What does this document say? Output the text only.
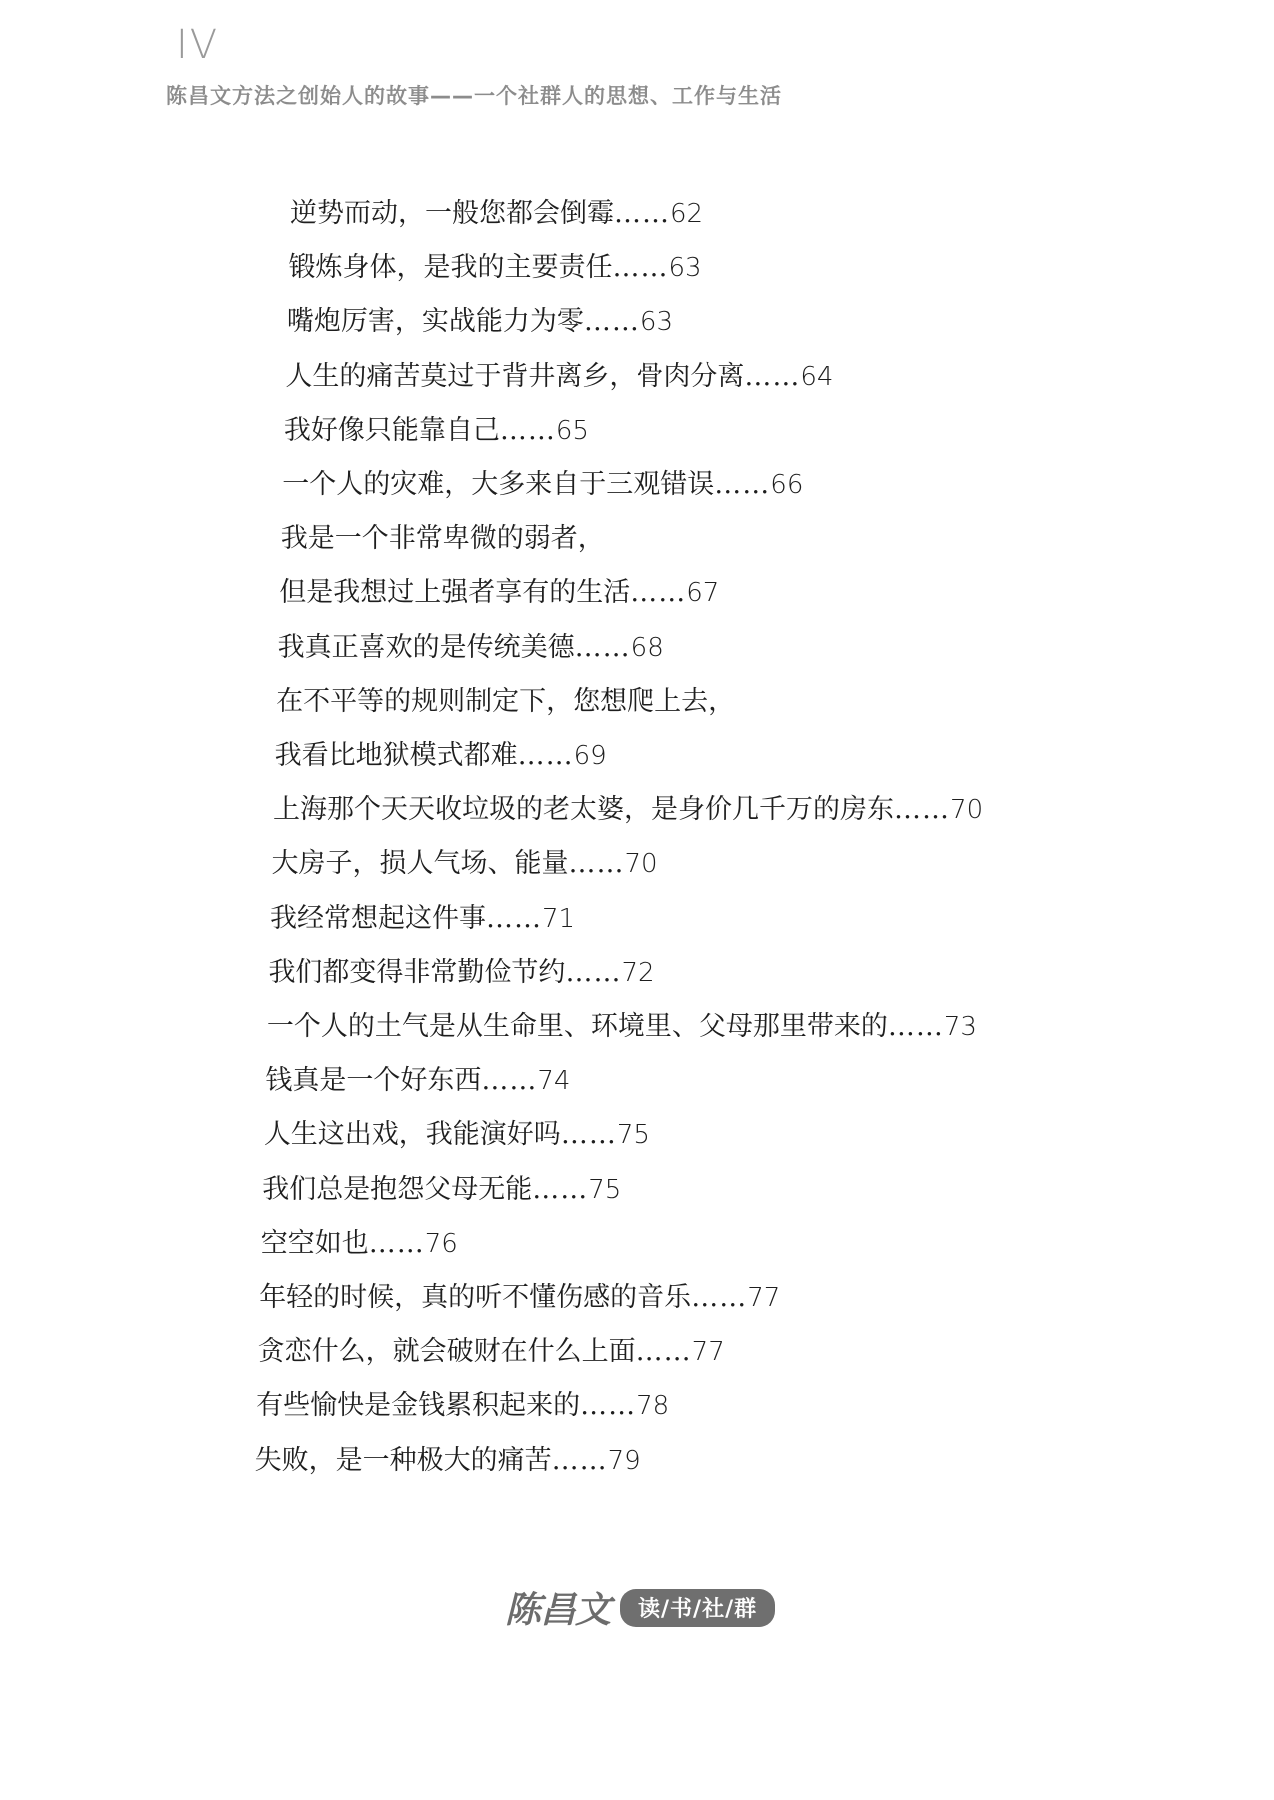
IV
陈昌文方法之创始人的故事——一个社群人的思想、工作与生活
逆势而动，一般您都会倒霉……62
锻炼身体，是我的主要责任……63
嘴炮厉害，实战能力为零……63
人生的痛苦莫过于背井离乡，骨肉分离……64
我好像只能靠自己……65
一个人的灾难，大多来自于三观错误……66
我是一个非常卑微的弱者，
但是我想过上强者享有的生活……67
我真正喜欢的是传统美德……68
在不平等的规则制定下，您想爬上去，
我看比地狱模式都难……69
上海那个天天收垃圾的老太婆，是身价几千万的房东……70
大房子，损人气场、能量……70
我经常想起这件事……71
我们都变得非常勤俭节约……72
一个人的土气是从生命里、环境里、父母那里带来的……73
钱真是一个好东西……74
人生这出戏，我能演好吗……75
我们总是抱怨父母无能……75
空空如也……76
年轻的时候，真的听不懂伤感的音乐……77
贪恋什么，就会破财在什么上面……77
有些愉快是金钱累积起来的……78
失败，是一种极大的痛苦……79
陈昌文	读/书/社/群
